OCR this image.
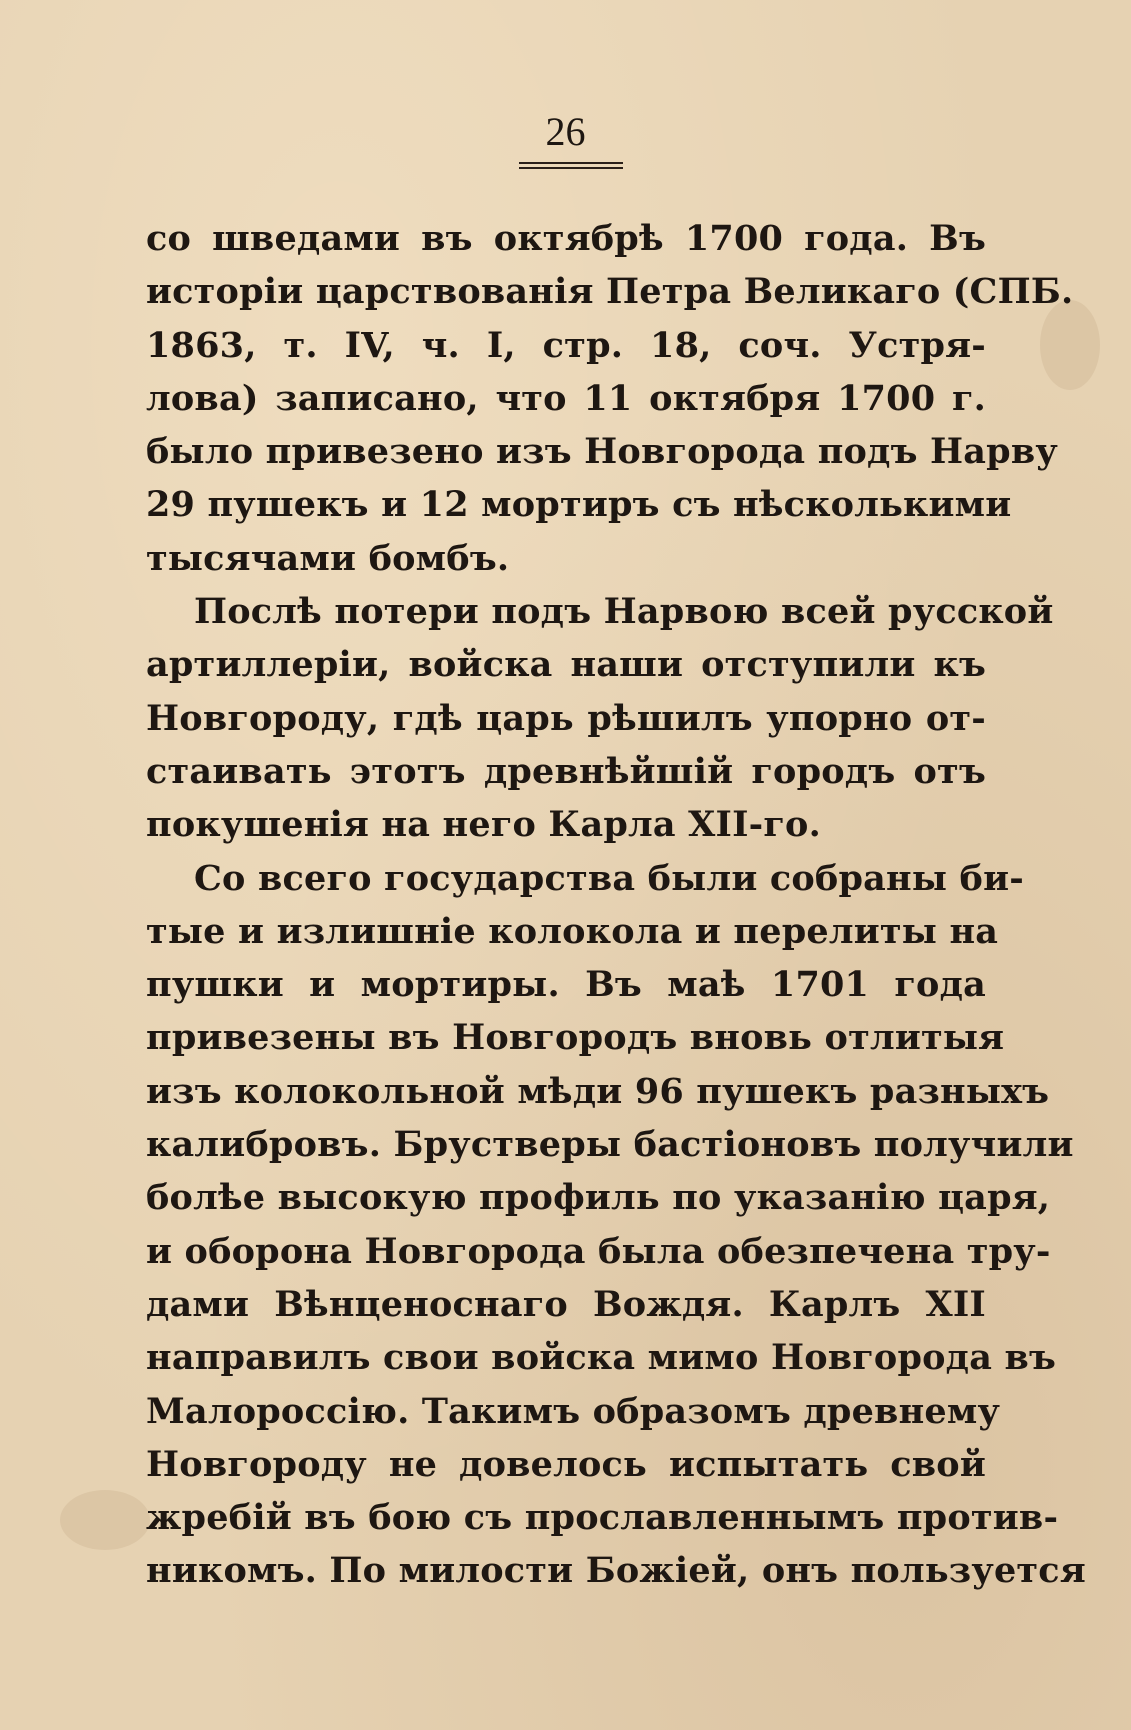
26
со шведами въ октябрѣ 1700 года. Въ
исторіи царствованія Петра Великаго (СПБ.
1863, т. IV, ч. I, стр. 18, соч. Устря-
лова) записано, что 11 октября 1700 г.
было привезено изъ Новгорода подъ Нарву
29 пушекъ и 12 мортиръ съ нѣсколькими
тысячами бомбъ.
Послѣ потери подъ Нарвою всей русской
артиллеріи, войска наши отступили къ
Новгороду, гдѣ царь рѣшилъ упорно от-
стаивать этотъ древнѣйшій городъ отъ
покушенія на него Карла XII-го.
Со всего государства были собраны би-
тые и излишніе колокола и перелиты на
пушки и мортиры. Въ маѣ 1701 года
привезены въ Новгородъ вновь отлитыя
изъ колокольной мѣди 96 пушекъ разныхъ
калибровъ. Брустверы бастіоновъ получили
болѣе высокую профиль по указанію царя,
и оборона Новгорода была обезпечена тру-
дами Вѣнценоснаго Вождя. Карлъ XII
направилъ свои войска мимо Новгорода въ
Малороссію. Такимъ образомъ древнему
Новгороду не довелось испытать свой
жребій въ бою съ прославленнымъ против-
никомъ. По милости Божіей, онъ пользуется
